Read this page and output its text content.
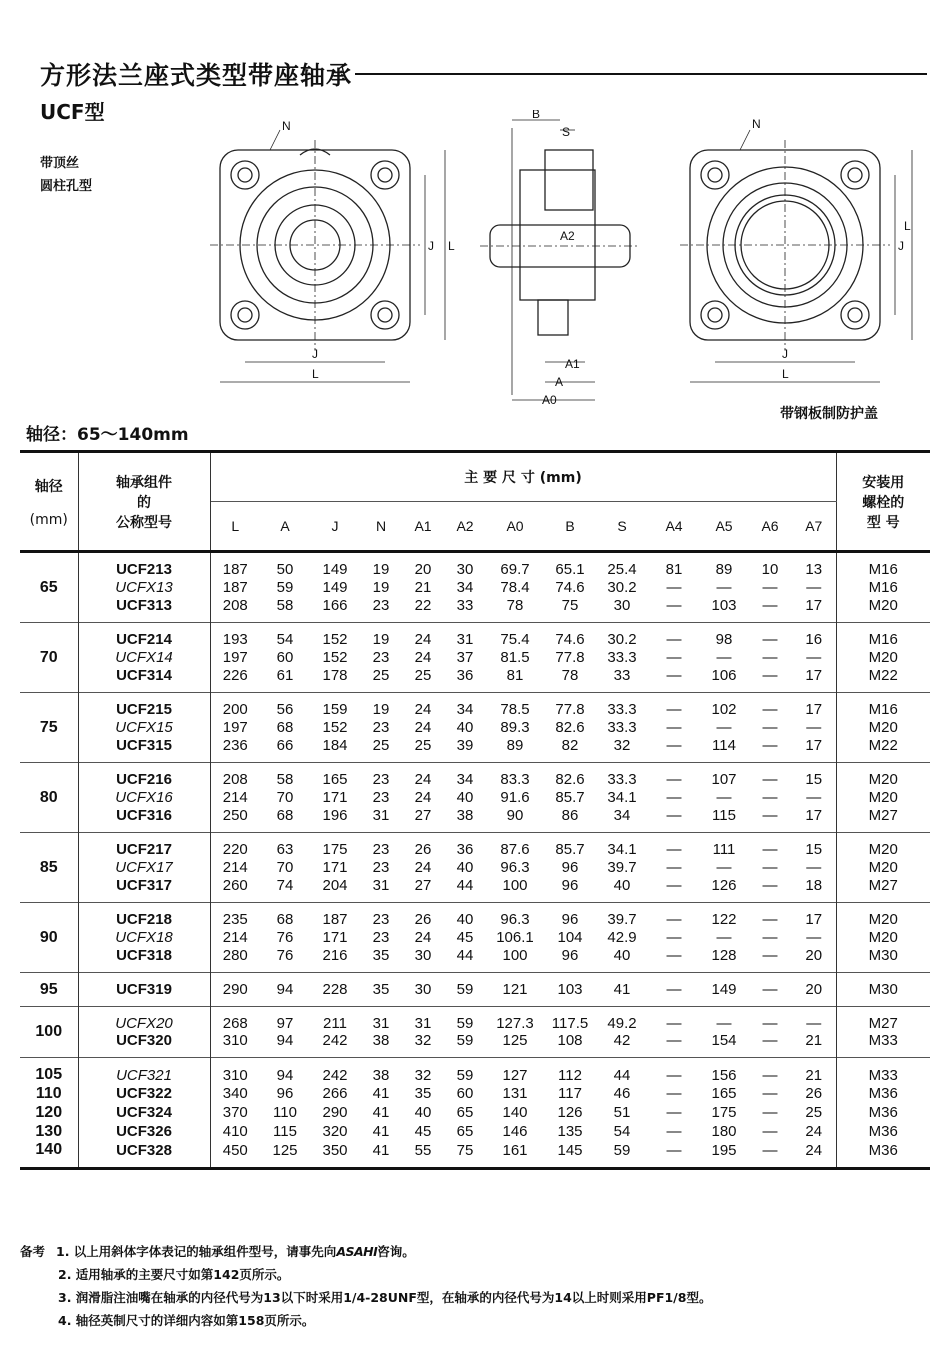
方形法兰座式类型带座轴承
UCF型
带顶丝
圆柱孔型
N
J L
J
L
B
S
A2
A1
A
A0
N
J
L
J
L
带钢板制防护盖
轴径：65～140mm
轴径

(mm)	轴承组件
的
公称型号	主 要 尺 寸 (mm)													安装用
螺栓的
型 号
		L	A	J	N	A1	A2	A0	B	S	A4	A5	A6	A7	
65	UCF213	187	50	149	19	20	30	69.7	65.1	25.4	81	89	10	13	M16
	UCFX13	187	59	149	19	21	34	78.4	74.6	30.2	—	—	—	—	M16
	UCF313	208	58	166	23	22	33	78	75	30	—	103	—	17	M20
70	UCF214	193	54	152	19	24	31	75.4	74.6	30.2	—	98	—	16	M16
	UCFX14	197	60	152	23	24	37	81.5	77.8	33.3	—	—	—	—	M20
	UCF314	226	61	178	25	25	36	81	78	33	—	106	—	17	M22
75	UCF215	200	56	159	19	24	34	78.5	77.8	33.3	—	102	—	17	M16
	UCFX15	197	68	152	23	24	40	89.3	82.6	33.3	—	—	—	—	M20
	UCF315	236	66	184	25	25	39	89	82	32	—	114	—	17	M22
80	UCF216	208	58	165	23	24	34	83.3	82.6	33.3	—	107	—	15	M20
	UCFX16	214	70	171	23	24	40	91.6	85.7	34.1	—	—	—	—	M20
	UCF316	250	68	196	31	27	38	90	86	34	—	115	—	17	M27
85	UCF217	220	63	175	23	26	36	87.6	85.7	34.1	—	111	—	15	M20
	UCFX17	214	70	171	23	24	40	96.3	96	39.7	—	—	—	—	M20
	UCF317	260	74	204	31	27	44	100	96	40	—	126	—	18	M27
90	UCF218	235	68	187	23	26	40	96.3	96	39.7	—	122	—	17	M20
	UCFX18	214	76	171	23	24	45	106.1	104	42.9	—	—	—	—	M20
	UCF318	280	76	216	35	30	44	100	96	40	—	128	—	20	M30
95	UCF319	290	94	228	35	30	59	121	103	41	—	149	—	20	M30
100	UCFX20	268	97	211	31	31	59	127.3	117.5	49.2	—	—	—	—	M27
	UCF320	310	94	242	38	32	59	125	108	42	—	154	—	21	M33
105	UCF321	310	94	242	38	32	59	127	112	44	—	156	—	21	M33
110	UCF322	340	96	266	41	35	60	131	117	46	—	165	—	26	M36
120	UCF324	370	110	290	41	40	65	140	126	51	—	175	—	25	M36
130	UCF326	410	115	320	41	45	65	146	135	54	—	180	—	24	M36
140	UCF328	450	125	350	41	55	75	161	145	59	—	195	—	24	M36
备考 1. 以上用斜体字体表记的轴承组件型号，请事先向ASAHI咨询。
2. 适用轴承的主要尺寸如第142页所示。
3. 润滑脂注油嘴在轴承的内径代号为13以下时采用1/4-28UNF型，在轴承的内径代号为14以上时则采用PF1/8型。
4. 轴径英制尺寸的详细内容如第158页所示。
